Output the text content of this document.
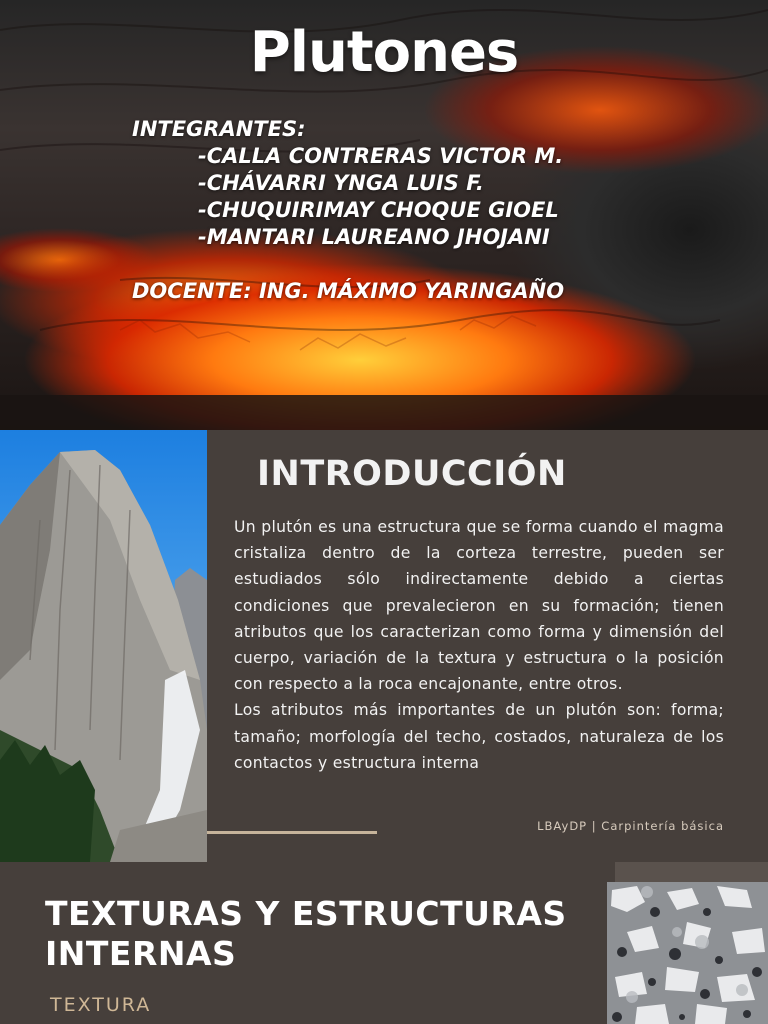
Plutones
INTEGRANTES:
-CALLA CONTRERAS VICTOR M.
-CHÁVARRI YNGA LUIS F.
-CHUQUIRIMAY CHOQUE GIOEL
-MANTARI LAUREANO JHOJANI
DOCENTE: ING. MÁXIMO YARINGAÑO
INTRODUCCIÓN

Un plutón es una estructura que se forma cuando el magma cristaliza dentro de la corteza terrestre, pueden ser estudiados sólo indirectamente debido a ciertas condiciones que prevalecieron en su formación; tienen atributos que los caracterizan como forma y dimensión del cuerpo, variación de la textura y estructura o la posición con respecto a la roca encajonante, entre otros.

Los atributos más importantes de un plutón son: forma; tamaño; morfología del techo, costados, naturaleza de los contactos y estructura interna

LBAyDP | Carpintería básica
TEXTURAS Y ESTRUCTURAS INTERNAS
TEXTURA
